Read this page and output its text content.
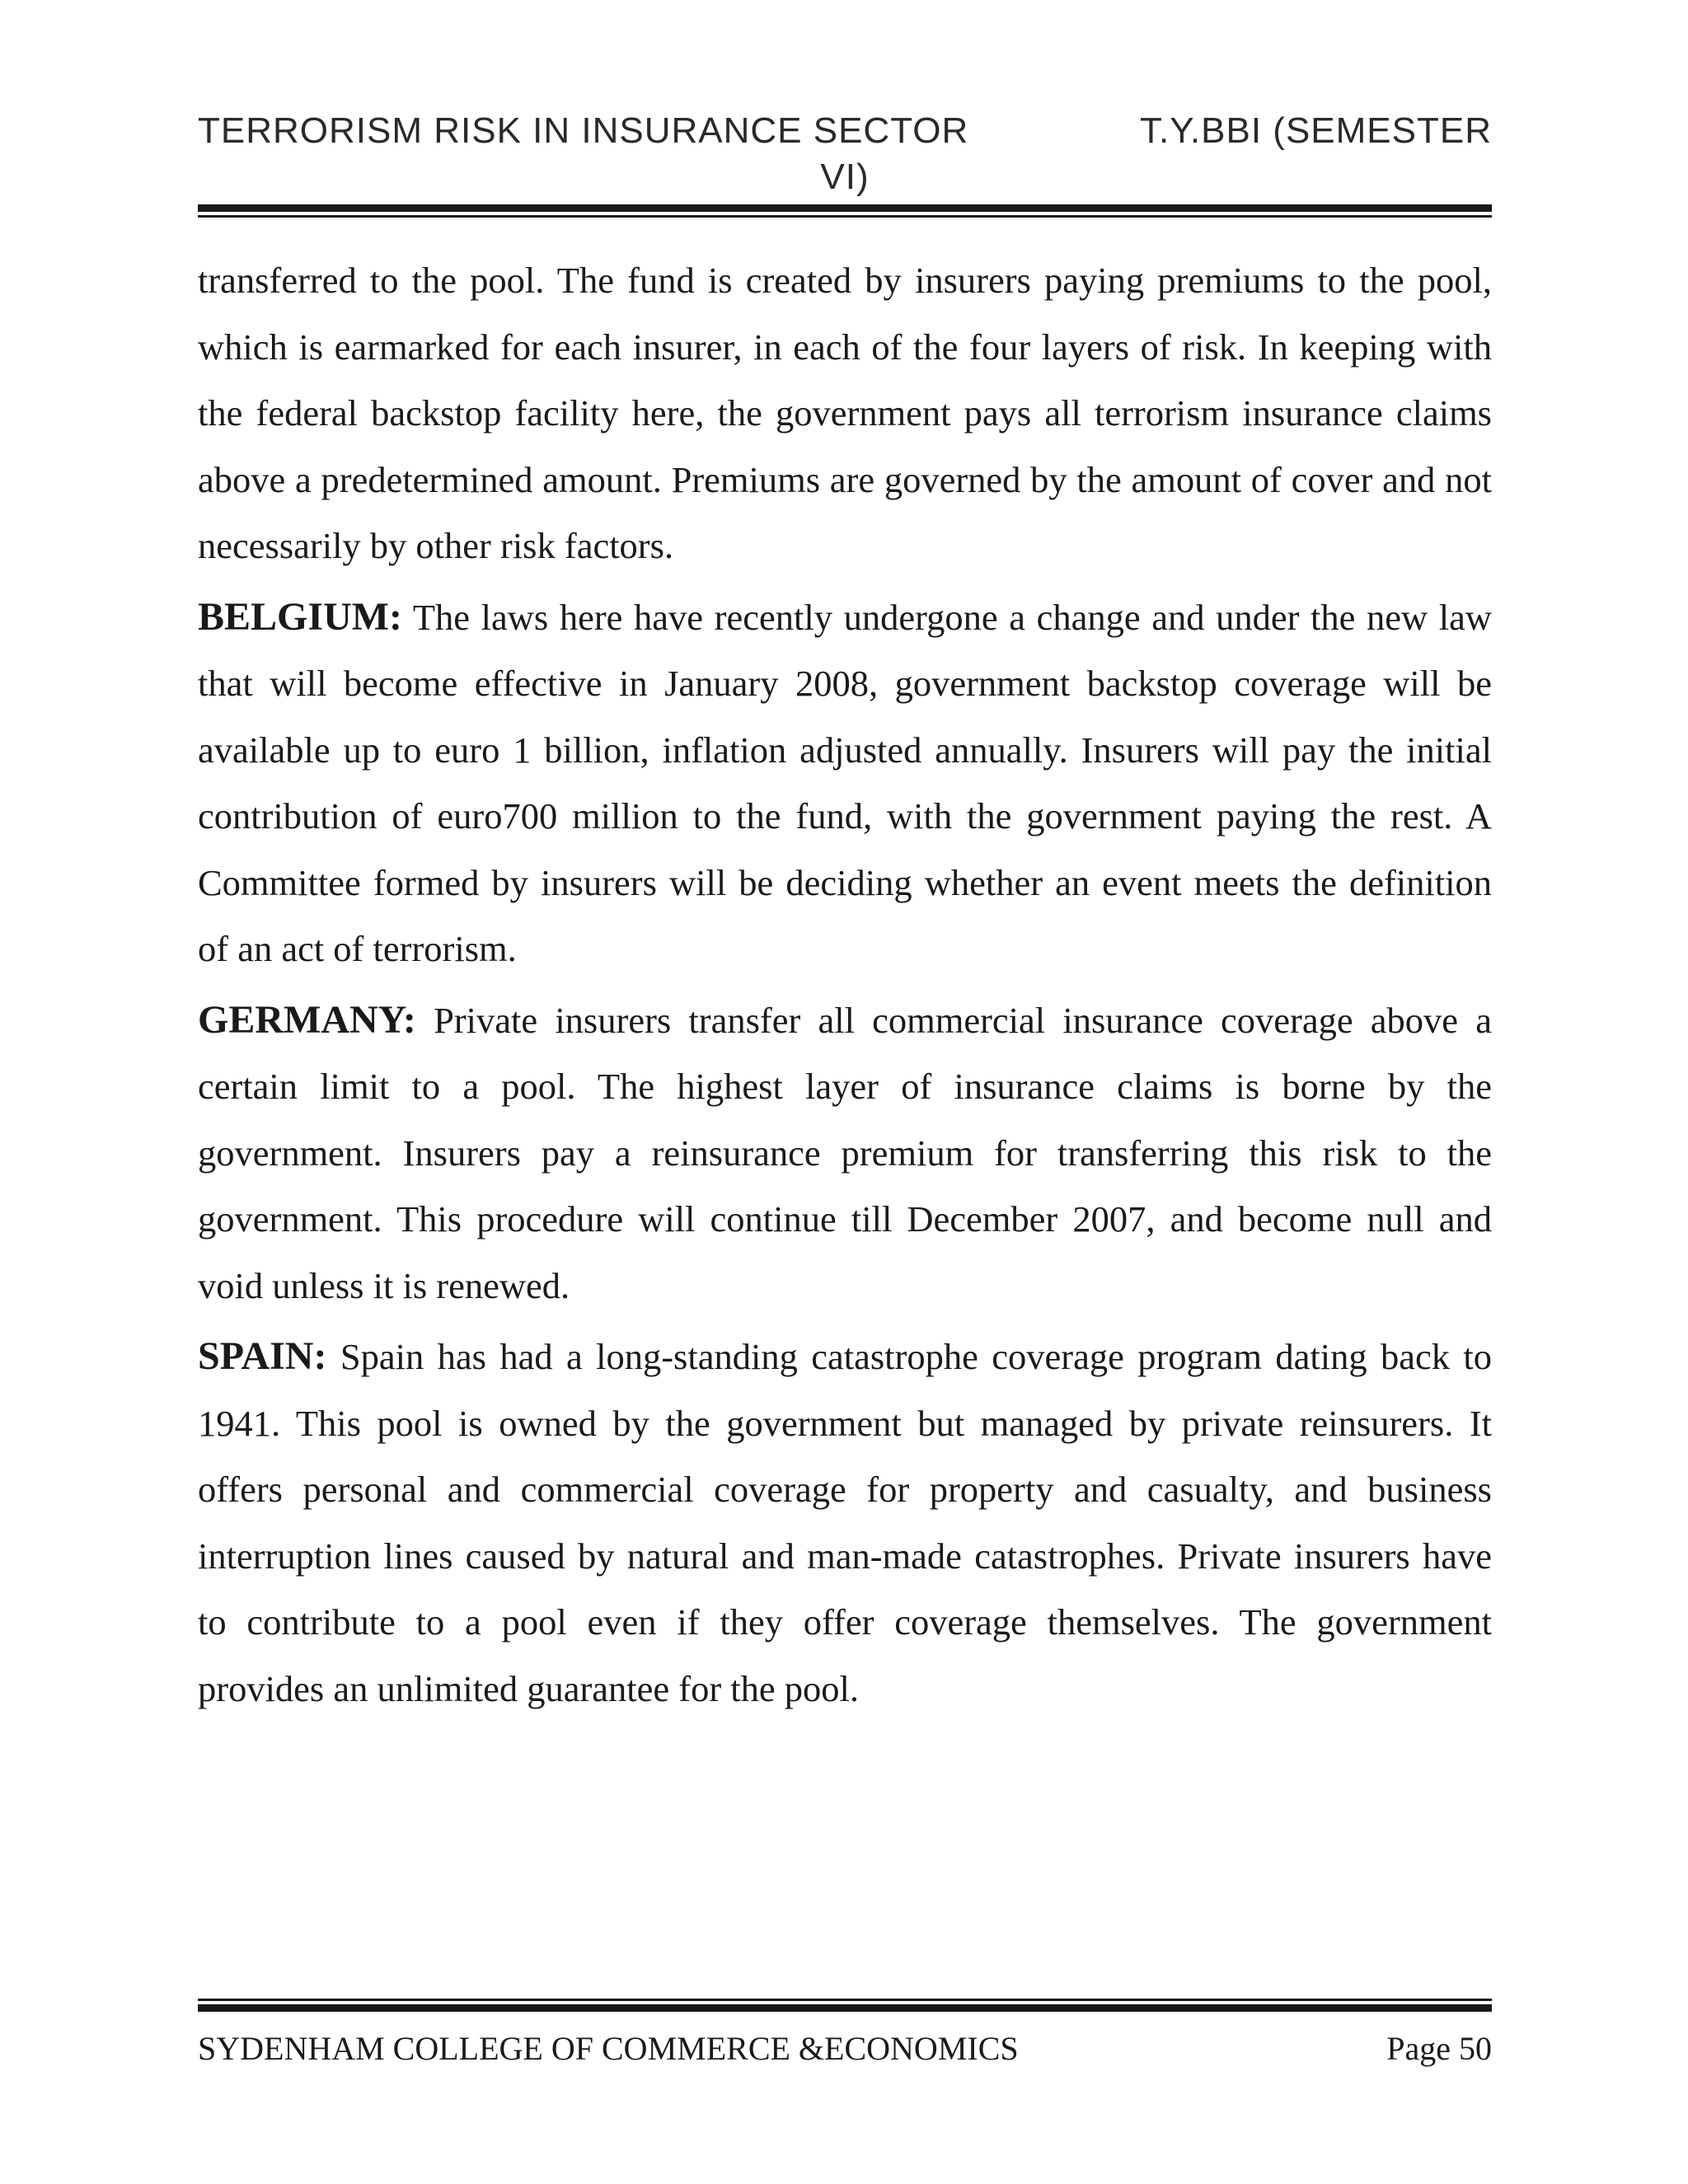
TERRORISM RISK IN INSURANCE SECTOR	T.Y.BBI (SEMESTER
VI)

transferred to the pool. The fund is created by insurers paying premiums to the pool, which is earmarked for each insurer, in each of the four layers of risk. In keeping with the federal backstop facility here, the government pays all terrorism insurance claims above a predetermined amount. Premiums are governed by the amount of cover and not necessarily by other risk factors.

BELGIUM: The laws here have recently undergone a change and under the new law that will become effective in January 2008, government backstop coverage will be available up to euro 1 billion, inflation adjusted annually. Insurers will pay the initial contribution of euro700 million to the fund, with the government paying the rest. A Committee formed by insurers will be deciding whether an event meets the definition of an act of terrorism.

GERMANY: Private insurers transfer all commercial insurance coverage above a certain limit to a pool. The highest layer of insurance claims is borne by the government. Insurers pay a reinsurance premium for transferring this risk to the government. This procedure will continue till December 2007, and become null and void unless it is renewed.

SPAIN: Spain has had a long-standing catastrophe coverage program dating back to 1941. This pool is owned by the government but managed by private reinsurers. It offers personal and commercial coverage for property and casualty, and business interruption lines caused by natural and man-made catastrophes. Private insurers have to contribute to a pool even if they offer coverage themselves. The government provides an unlimited guarantee for the pool.

SYDENHAM COLLEGE OF COMMERCE &ECONOMICS	Page 50
